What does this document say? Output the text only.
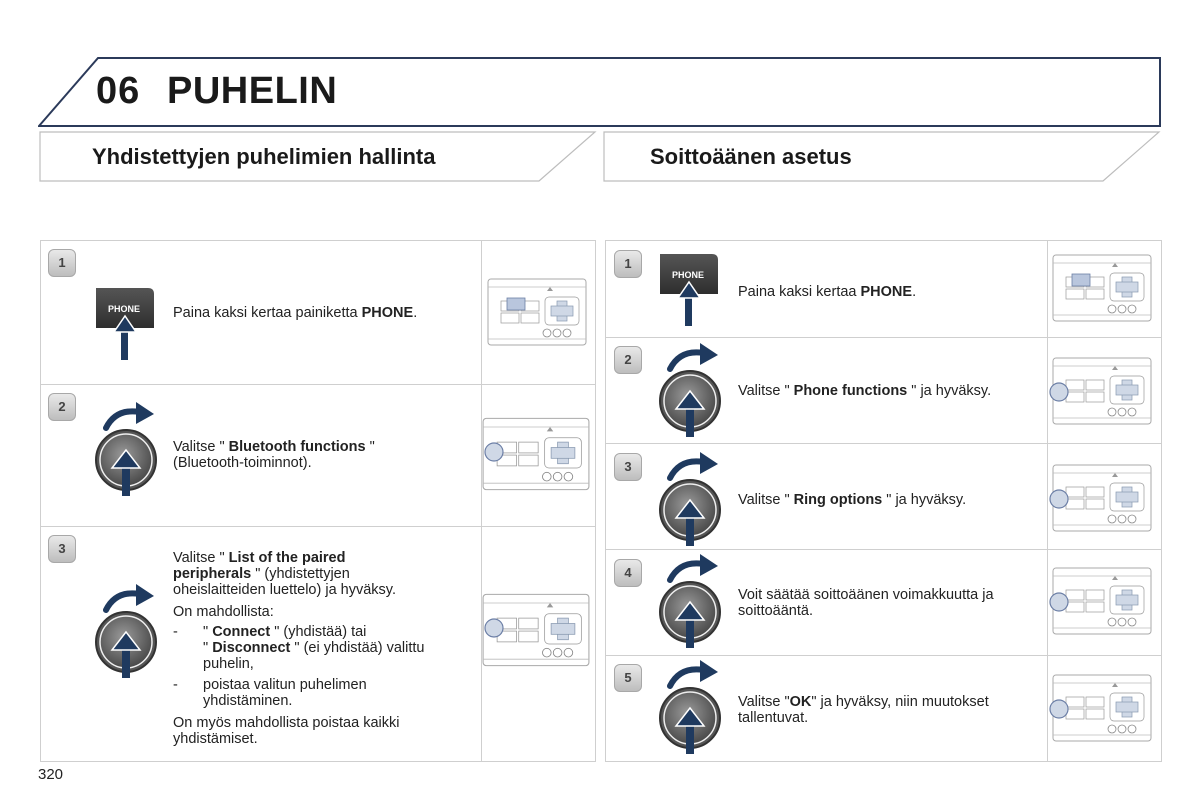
06 PUHELIN
Yhdistettyjen puhelimien hallinta	Soittoäänen asetus
1
PHONE	Paina kaksi kertaa painiketta PHONE.
2
Valitse " Bluetooth functions "
(Bluetooth-toiminnot).
3
Valitse " List of the paired
peripherals " (yhdistettyjen
oheislaitteiden luettelo) ja hyväksy.
On mahdollista:
-	" Connect " (yhdistää) tai
" Disconnect " (ei yhdistää) valittu
puhelin,
-	poistaa valitun puhelimen
yhdistäminen.
On myös mahdollista poistaa kaikki
yhdistämiset.
1
PHONE
Paina kaksi kertaa PHONE.
2
Valitse " Phone functions " ja hyväksy.
3
Valitse " Ring options " ja hyväksy.
4
Voit säätää soittoäänen voimakkuutta ja
soittoääntä.
5
Valitse "OK" ja hyväksy, niin muutokset
tallentuvat.
320
